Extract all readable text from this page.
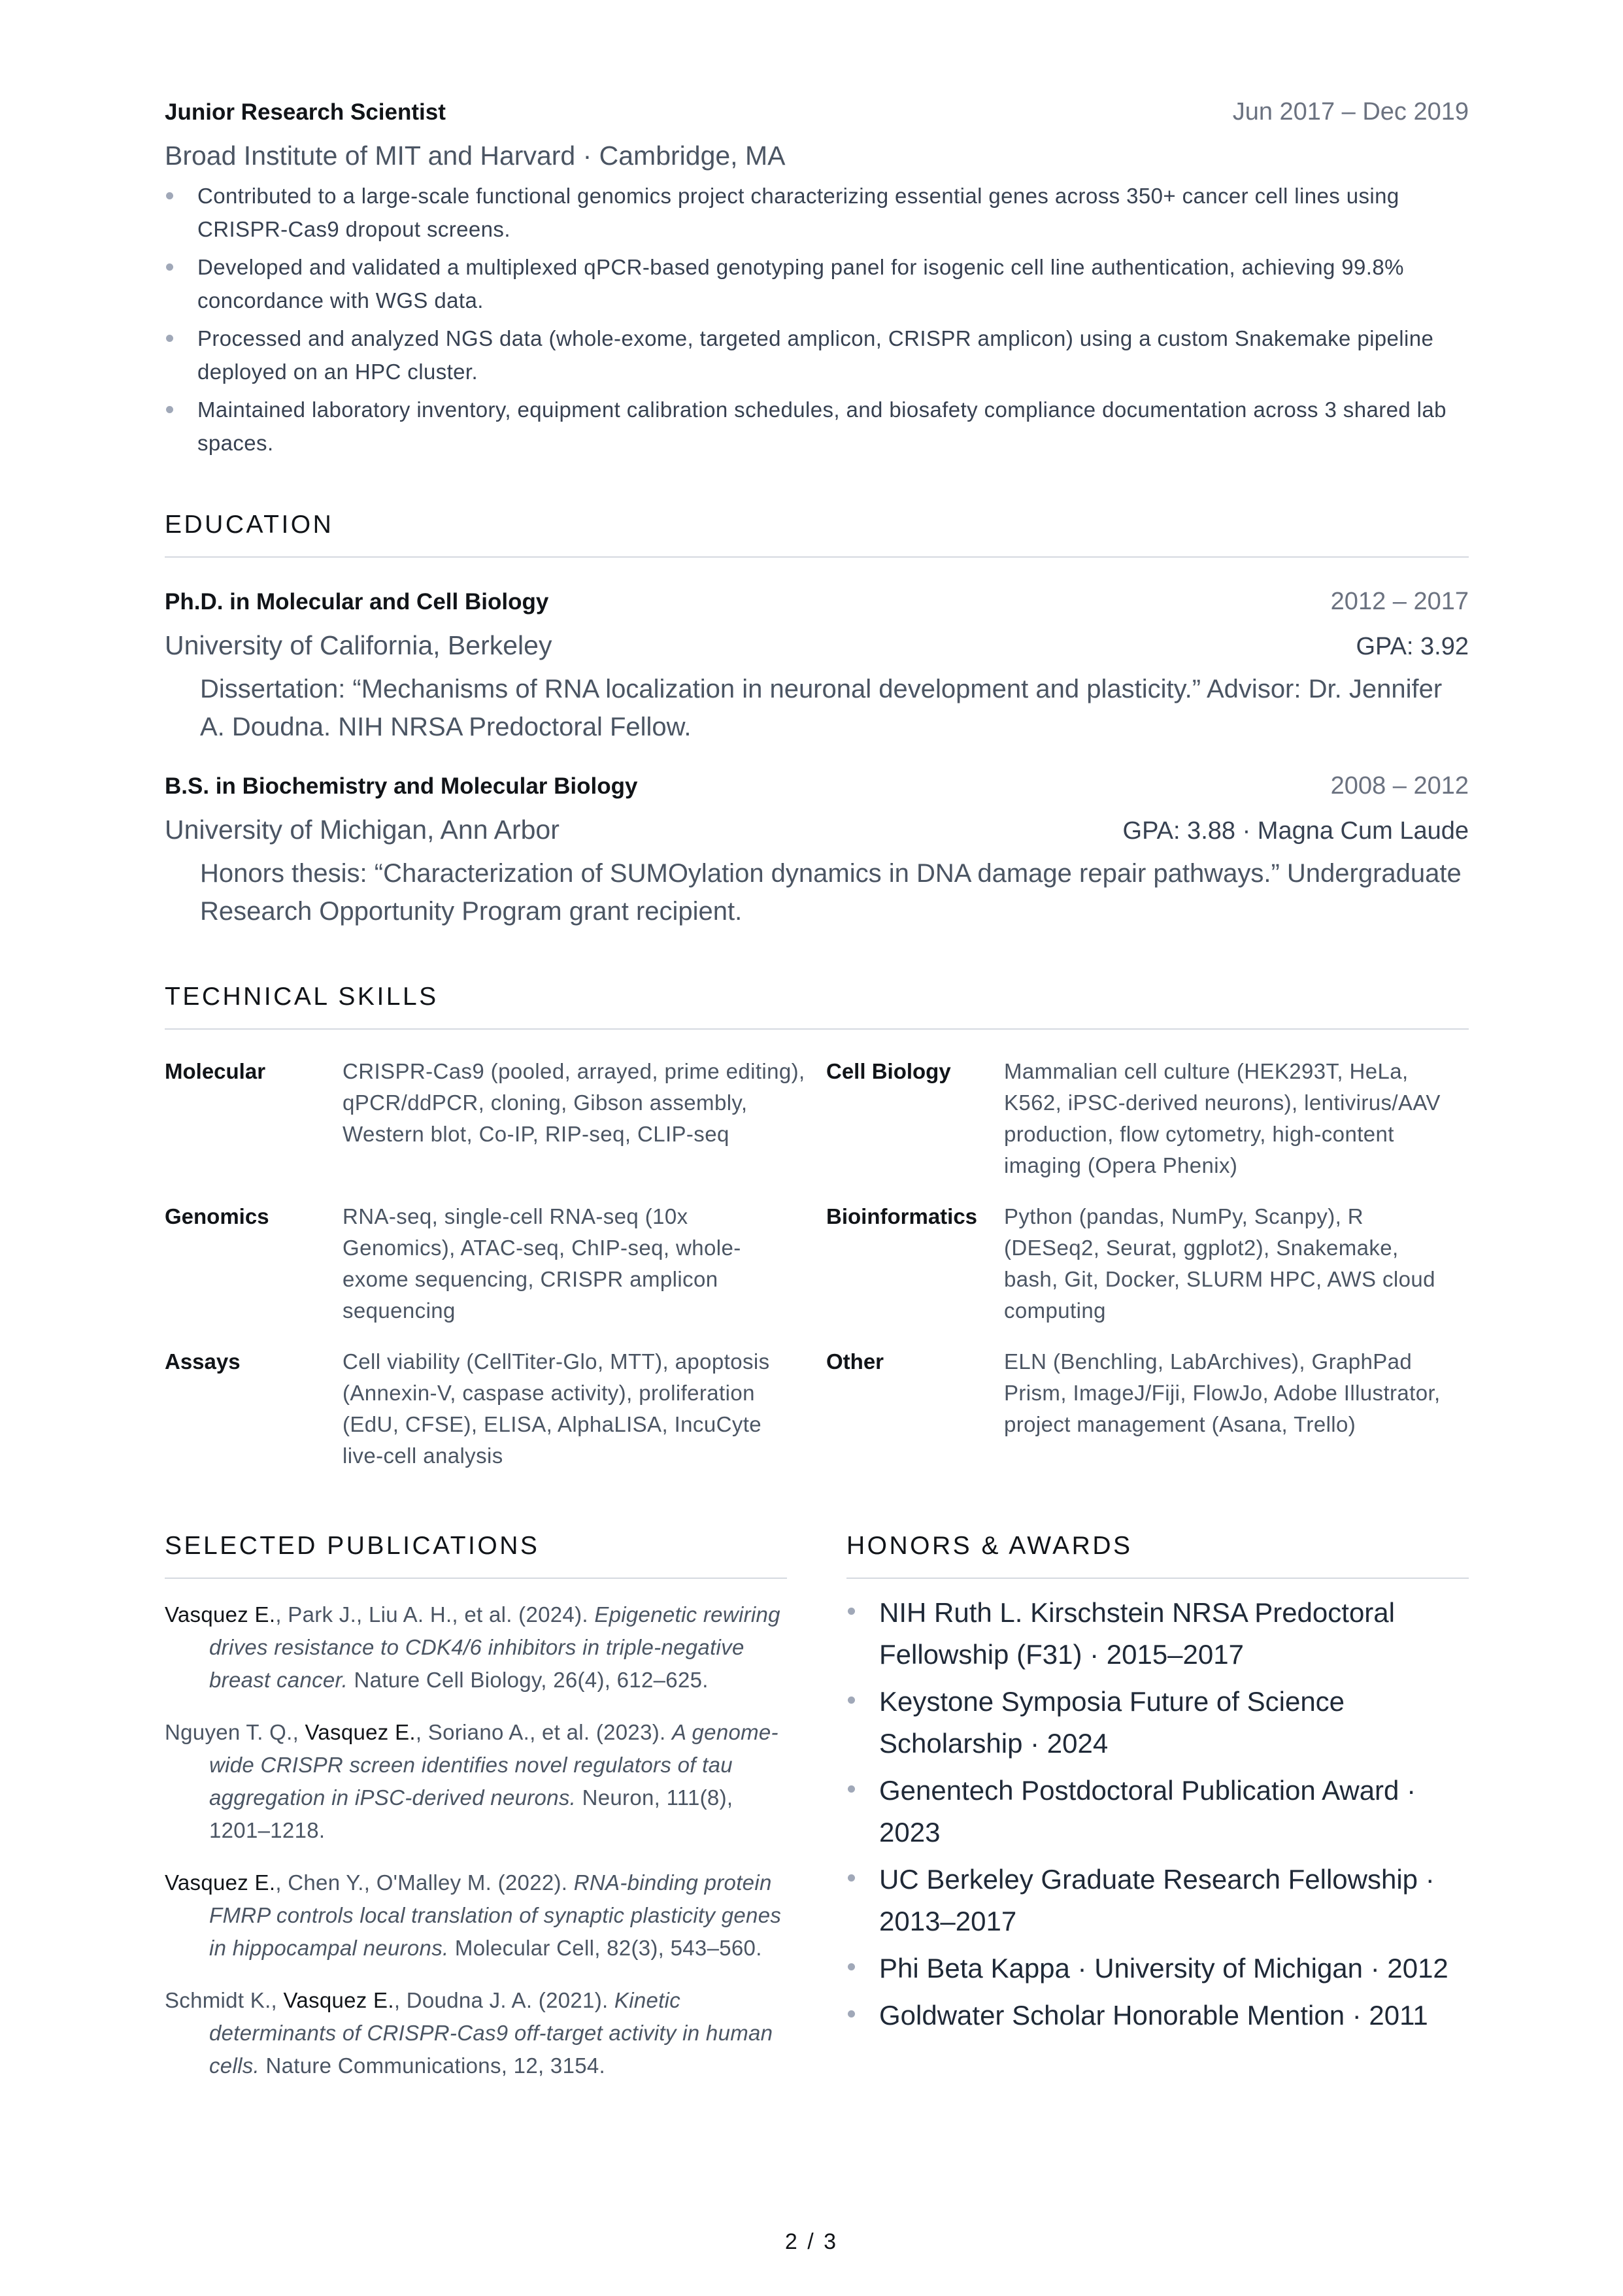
Junior Research Scientist	Jun 2017 – Dec 2019
Broad Institute of MIT and Harvard · Cambridge, MA
Contributed to a large-scale functional genomics project characterizing essential genes across 350+ cancer cell lines using CRISPR-Cas9 dropout screens.
Developed and validated a multiplexed qPCR-based genotyping panel for isogenic cell line authentication, achieving 99.8% concordance with WGS data.
Processed and analyzed NGS data (whole-exome, targeted amplicon, CRISPR amplicon) using a custom Snakemake pipeline deployed on an HPC cluster.
Maintained laboratory inventory, equipment calibration schedules, and biosafety compliance documentation across 3 shared lab spaces.
EDUCATION
Ph.D. in Molecular and Cell Biology	2012 – 2017
University of California, Berkeley	GPA: 3.92
Dissertation: “Mechanisms of RNA localization in neuronal development and plasticity.” Advisor: Dr. Jennifer A. Doudna. NIH NRSA Predoctoral Fellow.
B.S. in Biochemistry and Molecular Biology	2008 – 2012
University of Michigan, Ann Arbor	GPA: 3.88 · Magna Cum Laude
Honors thesis: “Characterization of SUMOylation dynamics in DNA damage repair pathways.” Undergraduate Research Opportunity Program grant recipient.
TECHNICAL SKILLS
Molecular	CRISPR-Cas9 (pooled, arrayed, prime editing), qPCR/ddPCR, cloning, Gibson assembly, Western blot, Co-IP, RIP-seq, CLIP-seq
Cell Biology	Mammalian cell culture (HEK293T, HeLa, K562, iPSC-derived neurons), lentivirus/AAV production, flow cytometry, high-content imaging (Opera Phenix)
Genomics	RNA-seq, single-cell RNA-seq (10x Genomics), ATAC-seq, ChIP-seq, whole-exome sequencing, CRISPR amplicon sequencing
Bioinformatics	Python (pandas, NumPy, Scanpy), R (DESeq2, Seurat, ggplot2), Snakemake, bash, Git, Docker, SLURM HPC, AWS cloud computing
Assays	Cell viability (CellTiter-Glo, MTT), apoptosis (Annexin-V, caspase activity), proliferation (EdU, CFSE), ELISA, AlphaLISA, IncuCyte live-cell analysis
Other	ELN (Benchling, LabArchives), GraphPad Prism, ImageJ/Fiji, FlowJo, Adobe Illustrator, project management (Asana, Trello)
SELECTED PUBLICATIONS
Vasquez E., Park J., Liu A. H., et al. (2024). Epigenetic rewiring drives resistance to CDK4/6 inhibitors in triple-negative breast cancer. Nature Cell Biology, 26(4), 612–625.
Nguyen T. Q., Vasquez E., Soriano A., et al. (2023). A genome-wide CRISPR screen identifies novel regulators of tau aggregation in iPSC-derived neurons. Neuron, 111(8), 1201–1218.
Vasquez E., Chen Y., O'Malley M. (2022). RNA-binding protein FMRP controls local translation of synaptic plasticity genes in hippocampal neurons. Molecular Cell, 82(3), 543–560.
Schmidt K., Vasquez E., Doudna J. A. (2021). Kinetic determinants of CRISPR-Cas9 off-target activity in human cells. Nature Communications, 12, 3154.
HONORS & AWARDS
NIH Ruth L. Kirschstein NRSA Predoctoral Fellowship (F31) · 2015–2017
Keystone Symposia Future of Science Scholarship · 2024
Genentech Postdoctoral Publication Award · 2023
UC Berkeley Graduate Research Fellowship · 2013–2017
Phi Beta Kappa · University of Michigan · 2012
Goldwater Scholar Honorable Mention · 2011
2 / 3
